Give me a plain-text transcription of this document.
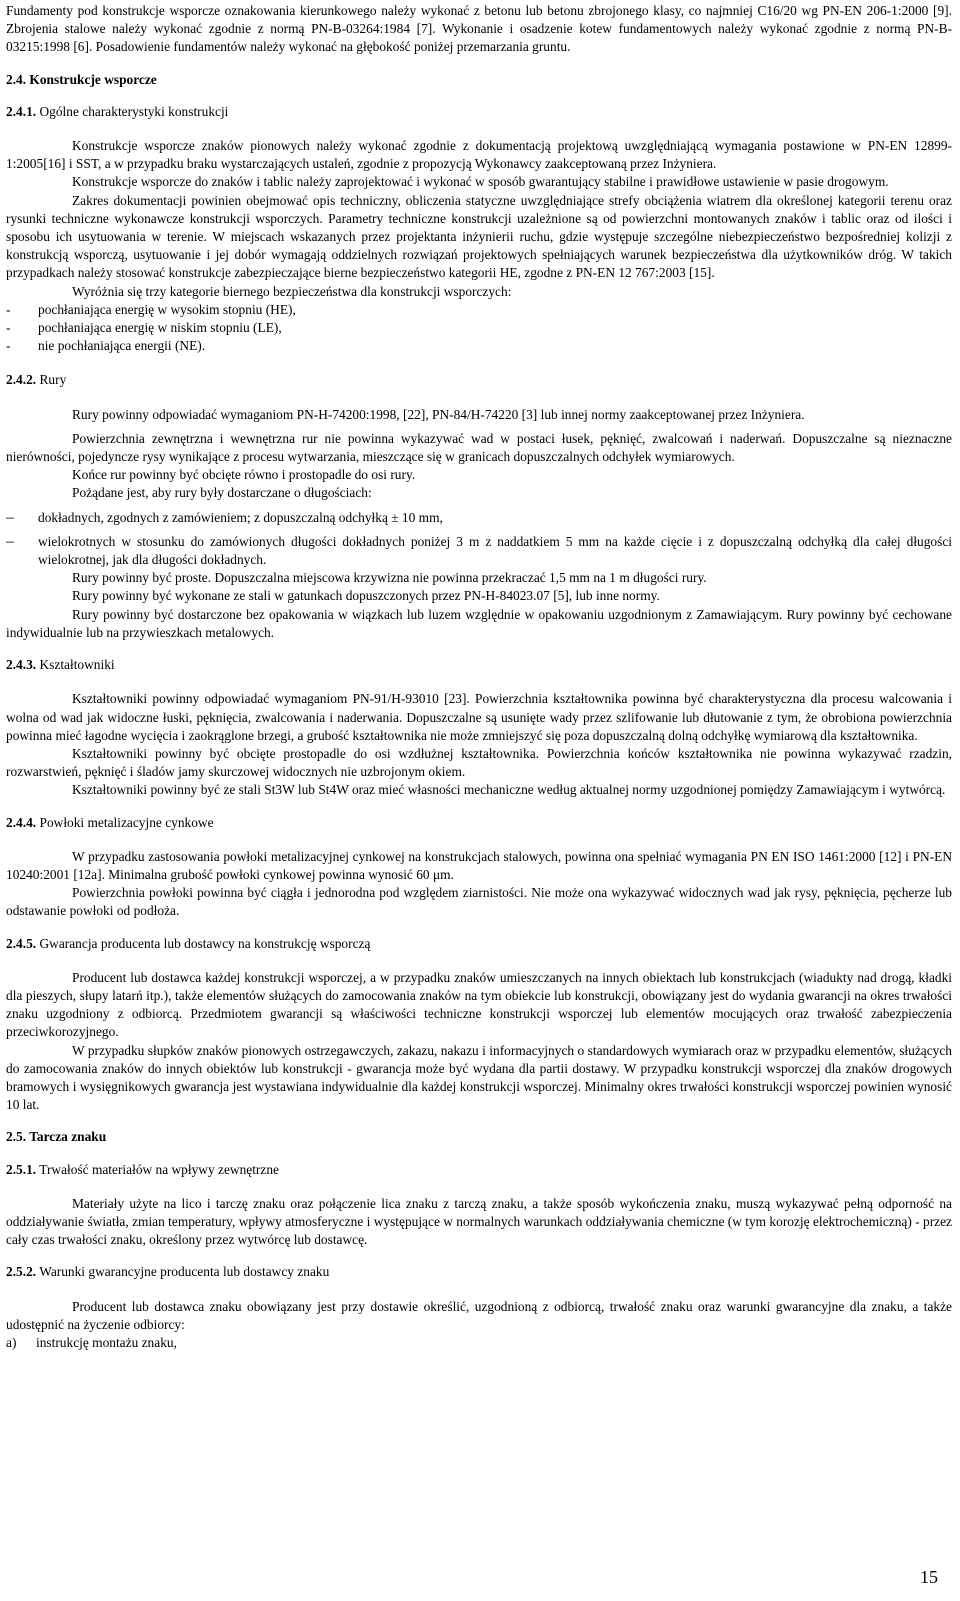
Fundamenty pod konstrukcje wsporcze oznakowania kierunkowego należy wykonać z betonu lub betonu zbrojonego klasy, co najmniej C16/20 wg PN-EN 206-1:2000 [9]. Zbrojenia stalowe należy wykonać zgodnie z normą PN-B-03264:1984 [7]. Wykonanie i osadzenie kotew fundamentowych należy wykonać zgodnie z normą PN-B-03215:1998 [6]. Posadowienie fundamentów należy wykonać na głębokość poniżej przemarzania gruntu.

2.4. Konstrukcje wsporcze

2.4.1. Ogólne charakterystyki konstrukcji

Konstrukcje wsporcze znaków pionowych należy wykonać zgodnie z dokumentacją projektową uwzględniającą wymagania postawione w PN-EN 12899-1:2005[16] i SST, a w przypadku braku wystarczających ustaleń, zgodnie z propozycją Wykonawcy zaakceptowaną przez Inżyniera.

Konstrukcje wsporcze do znaków i tablic należy zaprojektować i wykonać w sposób gwarantujący stabilne i prawidłowe ustawienie w pasie drogowym.

Zakres dokumentacji powinien obejmować opis techniczny, obliczenia statyczne uwzględniające strefy obciążenia wiatrem dla określonej kategorii terenu oraz rysunki techniczne wykonawcze konstrukcji wsporczych. Parametry techniczne konstrukcji uzależnione są od powierzchni montowanych znaków i tablic oraz od ilości i sposobu ich usytuowania w terenie. W miejscach wskazanych przez projektanta inżynierii ruchu, gdzie występuje szczególne niebezpieczeństwo bezpośredniej kolizji z konstrukcją wsporczą, usytuowanie i jej dobór wymagają oddzielnych rozwiązań projektowych spełniających warunek bezpieczeństwa dla użytkowników dróg. W takich przypadkach należy stosować konstrukcje zabezpieczające bierne bezpieczeństwo kategorii HE, zgodne z PN-EN 12 767:2003 [15].

Wyróżnia się trzy kategorie biernego bezpieczeństwa dla konstrukcji wsporczych:

-	pochłaniająca energię w wysokim stopniu (HE),
-	pochłaniająca energię w niskim stopniu (LE),
-	nie pochłaniająca energii (NE).

2.4.2. Rury

Rury powinny odpowiadać wymaganiom PN-H-74200:1998, [22], PN-84/H-74220 [3] lub innej normy zaakceptowanej przez Inżyniera.

Powierzchnia zewnętrzna i wewnętrzna rur nie powinna wykazywać wad w postaci łusek, pęknięć, zwalcowań i naderwań. Dopuszczalne są nieznaczne nierówności, pojedyncze rysy wynikające z procesu wytwarzania, mieszczące się w granicach dopuszczalnych odchyłek wymiarowych.

Końce rur powinny być obcięte równo i prostopadle do osi rury.

Pożądane jest, aby rury były dostarczane o długościach:

–	dokładnych, zgodnych z zamówieniem; z dopuszczalną odchyłką ± 10 mm,
–	wielokrotnych w stosunku do zamówionych długości dokładnych poniżej 3 m z naddatkiem 5 mm na każde cięcie i z dopuszczalną odchyłką dla całej długości wielokrotnej, jak dla długości dokładnych.

Rury powinny być proste. Dopuszczalna miejscowa krzywizna nie powinna przekraczać 1,5 mm na 1 m długości rury.

Rury powinny być wykonane ze stali w gatunkach dopuszczonych przez PN-H-84023.07 [5], lub inne normy.

Rury powinny być dostarczone bez opakowania w wiązkach lub luzem względnie w opakowaniu uzgodnionym z Zamawiającym. Rury powinny być cechowane indywidualnie lub na przywieszkach metalowych.

2.4.3. Kształtowniki

Kształtowniki powinny odpowiadać wymaganiom PN-91/H-93010 [23]. Powierzchnia kształtownika powinna być charakterystyczna dla procesu walcowania i wolna od wad jak widoczne łuski, pęknięcia, zwalcowania i naderwania. Dopuszczalne są usunięte wady przez szlifowanie lub dłutowanie z tym, że obrobiona powierzchnia powinna mieć łagodne wycięcia i zaokrąglone brzegi, a grubość kształtownika nie może zmniejszyć się poza dopuszczalną dolną odchyłkę wymiarową dla kształtownika.

Kształtowniki powinny być obcięte prostopadle do osi wzdłużnej kształtownika. Powierzchnia końców kształtownika nie powinna wykazywać rzadzin, rozwarstwień, pęknięć i śladów jamy skurczowej widocznych nie uzbrojonym okiem.

Kształtowniki powinny być ze stali St3W lub St4W oraz mieć własności mechaniczne według aktualnej normy uzgodnionej pomiędzy Zamawiającym i wytwórcą.

2.4.4. Powłoki metalizacyjne cynkowe

W przypadku zastosowania powłoki metalizacyjnej cynkowej na konstrukcjach stalowych, powinna ona spełniać wymagania PN EN ISO 1461:2000 [12] i PN-EN 10240:2001 [12a]. Minimalna grubość powłoki cynkowej powinna wynosić 60 μm.

Powierzchnia powłoki powinna być ciągła i jednorodna pod względem ziarnistości. Nie może ona wykazywać widocznych wad jak rysy, pęknięcia, pęcherze lub odstawanie powłoki od podłoża.

2.4.5. Gwarancja producenta lub dostawcy na konstrukcję wsporczą

Producent lub dostawca każdej konstrukcji wsporczej, a w przypadku znaków umieszczanych na innych obiektach lub konstrukcjach (wiadukty nad drogą, kładki dla pieszych, słupy latarń itp.), także elementów służących do zamocowania znaków na tym obiekcie lub konstrukcji, obowiązany jest do wydania gwarancji na okres trwałości znaku uzgodniony z odbiorcą. Przedmiotem gwarancji są właściwości techniczne konstrukcji wsporczej lub elementów mocujących oraz trwałość zabezpieczenia przeciwkorozyjnego.

W przypadku słupków znaków pionowych ostrzegawczych, zakazu, nakazu i informacyjnych o standardowych wymiarach oraz w przypadku elementów, służących do zamocowania znaków do innych obiektów lub konstrukcji - gwarancja może być wydana dla partii dostawy. W przypadku konstrukcji wsporczej dla znaków drogowych bramowych i wysięgnikowych gwarancja jest wystawiana indywidualnie dla każdej konstrukcji wsporczej. Minimalny okres trwałości konstrukcji wsporczej powinien wynosić 10 lat.

2.5. Tarcza znaku

2.5.1. Trwałość materiałów na wpływy zewnętrzne

Materiały użyte na lico i tarczę znaku oraz połączenie lica znaku z tarczą znaku, a także sposób wykończenia znaku, muszą wykazywać pełną odporność na oddziaływanie światła, zmian temperatury, wpływy atmosferyczne i występujące w normalnych warunkach oddziaływania chemiczne (w tym korozję elektrochemiczną) - przez cały czas trwałości znaku, określony przez wytwórcę lub dostawcę.

2.5.2. Warunki gwarancyjne producenta lub dostawcy znaku

Producent lub dostawca znaku obowiązany jest przy dostawie określić, uzgodnioną z odbiorcą, trwałość znaku oraz warunki gwarancyjne dla znaku, a także udostępnić na życzenie odbiorcy:

a)	instrukcję montażu znaku,
15
